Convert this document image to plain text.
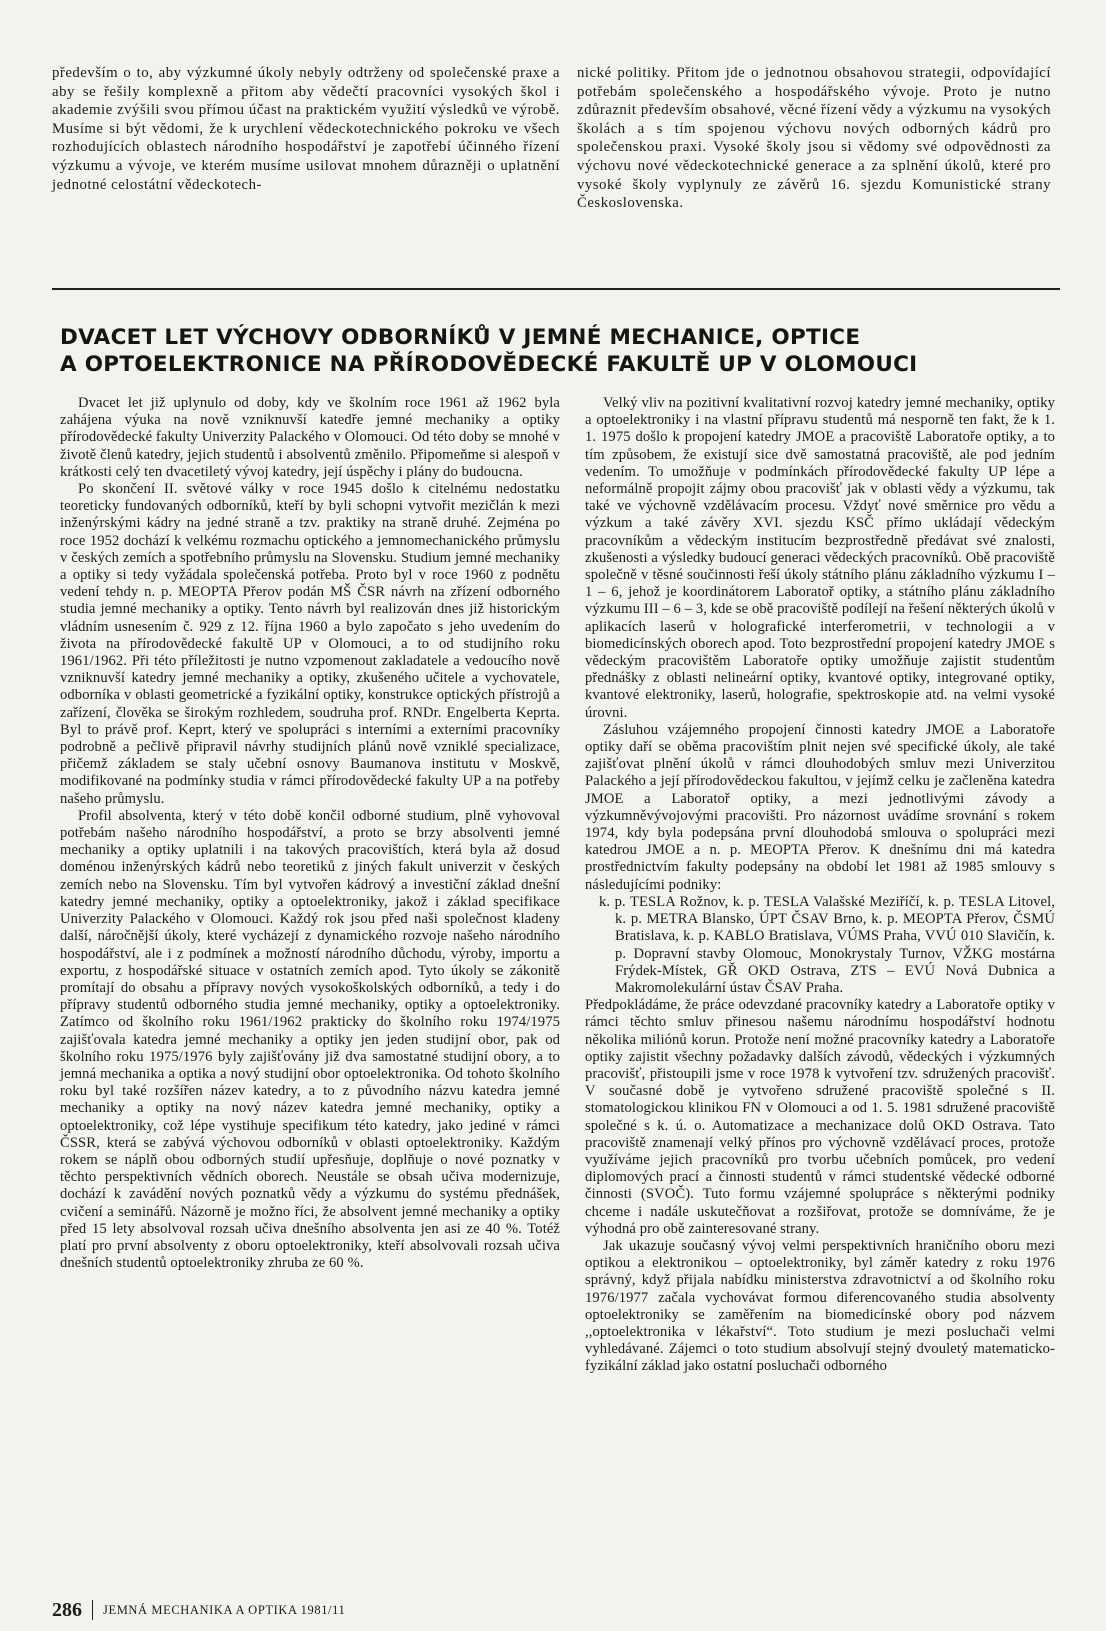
především o to, aby výzkumné úkoly nebyly odtrženy od společenské praxe a aby se řešily komplexně a přitom aby vědečtí pracovníci vysokých škol i akademie zvýšili svou přímou účast na praktickém využití výsledků ve výrobě. Musíme si být vědomi, že k urychlení vědeckotechnického pokroku ve všech rozhodujících oblastech národního hospodářství je zapotřebí účinného řízení výzkumu a vývoje, ve kterém musíme usilovat mnohem důrazněji o uplatnění jednotné celostátní vědeckotech-

nické politiky. Přitom jde o jednotnou obsahovou strategii, odpovídající potřebám společenského a hospodářského vývoje. Proto je nutno zdůraznit především obsahové, věcné řízení vědy a výzkumu na vysokých školách a s tím spojenou výchovu nových odborných kádrů pro společenskou praxi. Vysoké školy jsou si vědomy své odpovědnosti za výchovu nové vědeckotechnické generace a za splnění úkolů, které pro vysoké školy vyplynuly ze závěrů 16. sjezdu Komunistické strany Československa.

DVACET LET VÝCHOVY ODBORNÍKŮ V JEMNÉ MECHANICE, OPTICE
A OPTOELEKTRONICE NA PŘÍRODOVĚDECKÉ FAKULTĚ UP V OLOMOUCI

Dvacet let již uplynulo od doby, kdy ve školním roce 1961 až 1962 byla zahájena výuka na nově vzniknuvší katedře jemné mechaniky a optiky přírodovědecké fakulty Univerzity Palackého v Olomouci. Od této doby se mnohé v životě členů katedry, jejich studentů i absolventů změnilo. Připomeňme si alespoň v krátkosti celý ten dvacetiletý vývoj katedry, její úspěchy i plány do budoucna.

Po skončení II. světové války v roce 1945 došlo k citelnému nedostatku teoreticky fundovaných odborníků, kteří by byli schopni vytvořit mezičlán k mezi inženýrskými kádry na jedné straně a tzv. praktiky na straně druhé. Zejména po roce 1952 dochází k velkému rozmachu optického a jemnomechanického průmyslu v českých zemích a spotřebního průmyslu na Slovensku. Studium jemné mechaniky a optiky si tedy vyžádala společenská potřeba. Proto byl v roce 1960 z podnětu vedení tehdy n. p. MEOPTA Přerov podán MŠ ČSR návrh na zřízení odborného studia jemné mechaniky a optiky. Tento návrh byl realizován dnes již historickým vládním usnesením č. 929 z 12. října 1960 a bylo započato s jeho uvedením do života na přírodovědecké fakultě UP v Olomouci, a to od studijního roku 1961/1962. Při této příležitosti je nutno vzpomenout zakladatele a vedoucího nově vzniknuvší katedry jemné mechaniky a optiky, zkušeného učitele a vychovatele, odborníka v oblasti geometrické a fyzikální optiky, konstrukce optických přístrojů a zařízení, člověka se širokým rozhledem, soudruha prof. RNDr. Engelberta Keprta. Byl to právě prof. Keprt, který ve spolupráci s interními a externími pracovníky podrobně a pečlivě připravil návrhy studijních plánů nově vzniklé specializace, přičemž základem se staly učební osnovy Baumanova institutu v Moskvě, modifikované na podmínky studia v rámci přírodovědecké fakulty UP a na potřeby našeho průmyslu.

Profil absolventa, který v této době končil odborné studium, plně vyhovoval potřebám našeho národního hospodářství, a proto se brzy absolventi jemné mechaniky a optiky uplatnili i na takových pracovištích, která byla až dosud doménou inženýrských kádrů nebo teoretiků z jiných fakult univerzit v českých zemích nebo na Slovensku. Tím byl vytvořen kádrový a investiční základ dnešní katedry jemné mechaniky, optiky a optoelektroniky, jakož i základ specifikace Univerzity Palackého v Olomouci. Každý rok jsou před naši společnost kladeny další, náročnější úkoly, které vycházejí z dynamického rozvoje našeho národního hospodářství, ale i z podmínek a možností národního důchodu, výroby, importu a exportu, z hospodářské situace v ostatních zemích apod. Tyto úkoly se zákonitě promítají do obsahu a přípravy nových vysokoškolských odborníků, a tedy i do přípravy studentů odborného studia jemné mechaniky, optiky a optoelektroniky. Zatímco od školního roku 1961/1962 prakticky do školního roku 1974/1975 zajišťovala katedra jemné mechaniky a optiky jen jeden studijní obor, pak od školního roku 1975/1976 byly zajišťovány již dva samostatné studijní obory, a to jemná mechanika a optika a nový studijní obor optoelektronika. Od tohoto školního roku byl také rozšířen název katedry, a to z původního názvu katedra jemné mechaniky a optiky na nový název katedra jemné mechaniky, optiky a optoelektroniky, což lépe vystihuje specifikum této katedry, jako jediné v rámci ČSSR, která se zabývá výchovou odborníků v oblasti optoelektroniky. Každým rokem se náplň obou odborných studií upřesňuje, doplňuje o nové poznatky v těchto perspektivních vědních oborech. Neustále se obsah učiva modernizuje, dochází k zavádění nových poznatků vědy a výzkumu do systému přednášek, cvičení a seminářů. Názorně je možno říci, že absolvent jemné mechaniky a optiky před 15 lety absolvoval rozsah učiva dnešního absolventa jen asi ze 40 %. Totéž platí pro první absolventy z oboru optoelektroniky, kteří absolvovali rozsah učiva dnešních studentů optoelektroniky zhruba ze 60 %.

Velký vliv na pozitivní kvalitativní rozvoj katedry jemné mechaniky, optiky a optoelektroniky i na vlastní přípravu studentů má nesporně ten fakt, že k 1. 1. 1975 došlo k propojení katedry JMOE a pracoviště Laboratoře optiky, a to tím způsobem, že existují sice dvě samostatná pracoviště, ale pod jedním vedením. To umožňuje v podmínkách přírodovědecké fakulty UP lépe a neformálně propojit zájmy obou pracovišť jak v oblasti vědy a výzkumu, tak také ve výchovně vzdělávacím procesu. Vždyť nové směrnice pro vědu a výzkum a také závěry XVI. sjezdu KSČ přímo ukládají vědeckým pracovníkům a vědeckým institucím bezprostředně předávat své znalosti, zkušenosti a výsledky budoucí generaci vědeckých pracovníků. Obě pracoviště společně v těsné součinnosti řeší úkoly státního plánu základního výzkumu I – 1 – 6, jehož je koordinátorem Laboratoř optiky, a státního plánu základního výzkumu III – 6 – 3, kde se obě pracoviště podílejí na řešení některých úkolů v aplikacích laserů v holografické interferometrii, v technologii a v biomedicínských oborech apod. Toto bezprostřední propojení katedry JMOE s vědeckým pracovištěm Laboratoře optiky umožňuje zajistit studentům přednášky z oblasti nelineární optiky, kvantové optiky, integrované optiky, kvantové elektroniky, laserů, holografie, spektroskopie atd. na velmi vysoké úrovni.

Zásluhou vzájemného propojení činnosti katedry JMOE a Laboratoře optiky daří se oběma pracovištím plnit nejen své specifické úkoly, ale také zajišťovat plnění úkolů v rámci dlouhodobých smluv mezi Univerzitou Palackého a její přírodovědeckou fakultou, v jejímž celku je začleněna katedra JMOE a Laboratoř optiky, a mezi jednotlivými závody a výzkumněvývojovými pracovišti. Pro názornost uvádíme srovnání s rokem 1974, kdy byla podepsána první dlouhodobá smlouva o spolupráci mezi katedrou JMOE a n. p. MEOPTA Přerov. K dnešnímu dni má katedra prostřednictvím fakulty podepsány na období let 1981 až 1985 smlouvy s následujícími podniky:

k. p. TESLA Rožnov, k. p. TESLA Valašské Meziříčí, k. p. TESLA Litovel, k. p. METRA Blansko, ÚPT ČSAV Brno, k. p. MEOPTA Přerov, ČSMÚ Bratislava, k. p. KABLO Bratislava, VÚMS Praha, VVÚ 010 Slavičín, k. p. Dopravní stavby Olomouc, Monokrystaly Turnov, VŽKG mostárna Frýdek-Místek, GŘ OKD Ostrava, ZTS – EVÚ Nová Dubnica a Makromolekulární ústav ČSAV Praha.

Předpokládáme, že práce odevzdané pracovníky katedry a Laboratoře optiky v rámci těchto smluv přinesou našemu národnímu hospodářství hodnotu několika miliónů korun. Protože není možné pracovníky katedry a Laboratoře optiky zajistit všechny požadavky dalších závodů, vědeckých i výzkumných pracovišť, přistoupili jsme v roce 1978 k vytvoření tzv. sdružených pracovišť. V současné době je vytvořeno sdružené pracoviště společné s II. stomatologickou klinikou FN v Olomouci a od 1. 5. 1981 sdružené pracoviště společné s k. ú. o. Automatizace a mechanizace dolů OKD Ostrava. Tato pracoviště znamenají velký přínos pro výchovně vzdělávací proces, protože využíváme jejich pracovníků pro tvorbu učebních pomůcek, pro vedení diplomových prací a činnosti studentů v rámci studentské vědecké odborné činnosti (SVOČ). Tuto formu vzájemné spolupráce s některými podniky chceme i nadále uskutečňovat a rozšiřovat, protože se domníváme, že je výhodná pro obě zainteresované strany.

Jak ukazuje současný vývoj velmi perspektivních hraničního oboru mezi optikou a elektronikou – optoelektroniky, byl záměr katedry z roku 1976 správný, když přijala nabídku ministerstva zdravotnictví a od školního roku 1976/1977 začala vychovávat formou diferencovaného studia absolventy optoelektroniky se zaměřením na biomedicínské obory pod názvem ,,optoelektronika v lékařství“. Toto studium je mezi posluchači velmi vyhledávané. Zájemci o toto studium absolvují stejný dvouletý matematicko-fyzikální základ jako ostatní posluchači odborného

286 JEMNÁ MECHANIKA A OPTIKA 1981/11
